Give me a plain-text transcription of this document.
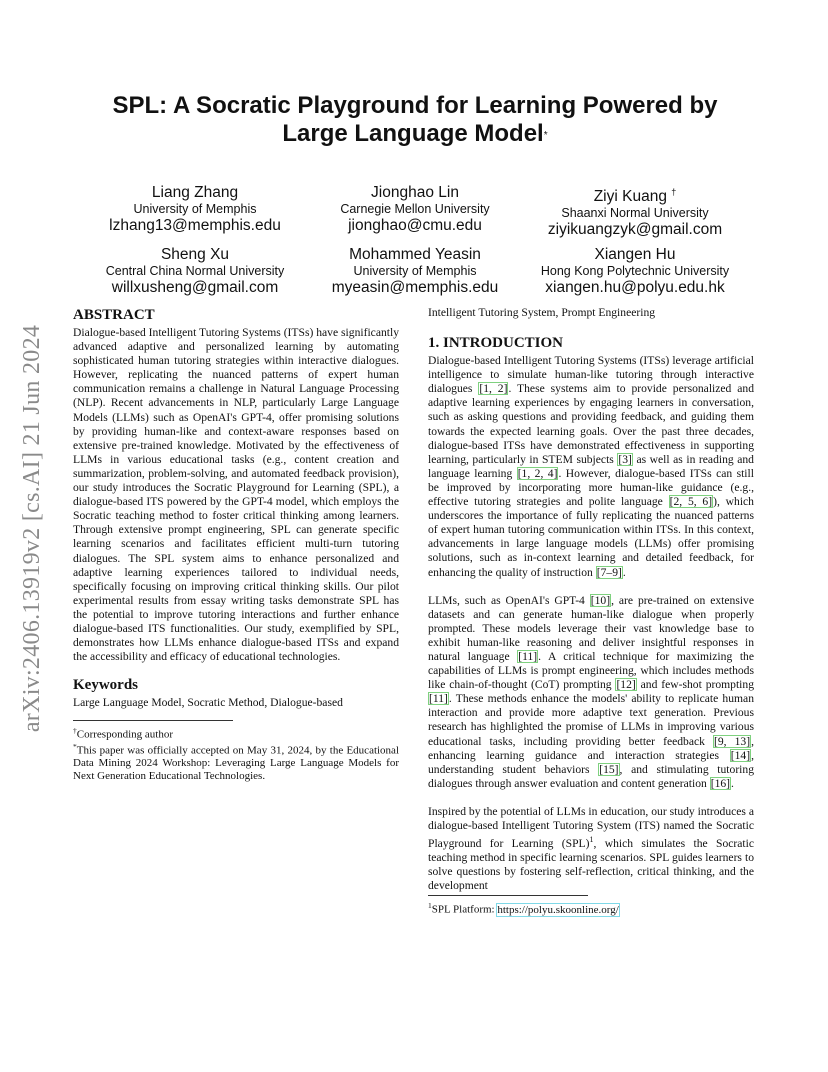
arXiv:2406.13919v2 [cs.AI] 21 Jun 2024
SPL: A Socratic Playground for Learning Powered by
Large Language Model*
Liang Zhang
University of Memphis
lzhang13@memphis.edu
Jionghao Lin
Carnegie Mellon University
jionghao@cmu.edu
Ziyi Kuang †
Shaanxi Normal University
ziyikuangzyk@gmail.com
Sheng Xu
Central China Normal University
willxusheng@gmail.com
Mohammed Yeasin
University of Memphis
myeasin@memphis.edu
Xiangen Hu
Hong Kong Polytechnic University
xiangen.hu@polyu.edu.hk
ABSTRACT

Dialogue-based Intelligent Tutoring Systems (ITSs) have significantly advanced adaptive and personalized learning by automating sophisticated human tutoring strategies within interactive dialogues. However, replicating the nuanced patterns of expert human communication remains a challenge in Natural Language Processing (NLP). Recent advancements in NLP, particularly Large Language Models (LLMs) such as OpenAI's GPT-4, offer promising solutions by providing human-like and context-aware responses based on extensive pre-trained knowledge. Motivated by the effectiveness of LLMs in various educational tasks (e.g., content creation and summarization, problem-solving, and automated feedback provision), our study introduces the Socratic Playground for Learning (SPL), a dialogue-based ITS powered by the GPT-4 model, which employs the Socratic teaching method to foster critical thinking among learners. Through extensive prompt engineering, SPL can generate specific learning scenarios and facilitates efficient multi-turn tutoring dialogues. The SPL system aims to enhance personalized and adaptive learning experiences tailored to individual needs, specifically focusing on improving critical thinking skills. Our pilot experimental results from essay writing tasks demonstrate SPL has the potential to improve tutoring interactions and further enhance dialogue-based ITS functionalities. Our study, exemplified by SPL, demonstrates how LLMs enhance dialogue-based ITSs and expand the accessibility and efficacy of educational technologies.

Keywords

Large Language Model, Socratic Method, Dialogue-based

†Corresponding author
*This paper was officially accepted on May 31, 2024, by the Educational Data Mining 2024 Workshop: Leveraging Large Language Models for Next Generation Educational Technologies.

Intelligent Tutoring System, Prompt Engineering

1. INTRODUCTION

Dialogue-based Intelligent Tutoring Systems (ITSs) leverage artificial intelligence to simulate human-like tutoring through interactive dialogues [1, 2]. These systems aim to provide personalized and adaptive learning experiences by engaging learners in conversation, such as asking questions and providing feedback, and guiding them towards the expected learning goals. Over the past three decades, dialogue-based ITSs have demonstrated effectiveness in supporting learning, particularly in STEM subjects [3] as well as in reading and language learning [1, 2, 4]. However, dialogue-based ITSs can still be improved by incorporating more human-like guidance (e.g., effective tutoring strategies and polite language [2, 5, 6]), which underscores the importance of fully replicating the nuanced patterns of expert human tutoring communication within ITSs. In this context, advancements in large language models (LLMs) offer promising solutions, such as in-context learning and detailed feedback, for enhancing the quality of instruction [7–9].

LLMs, such as OpenAI's GPT-4 [10], are pre-trained on extensive datasets and can generate human-like dialogue when properly prompted. These models leverage their vast knowledge base to exhibit human-like reasoning and deliver insightful responses in natural language [11]. A critical technique for maximizing the capabilities of LLMs is prompt engineering, which includes methods like chain-of-thought (CoT) prompting [12] and few-shot prompting [11]. These methods enhance the models' ability to replicate human interaction and provide more adaptive text generation. Previous research has highlighted the promise of LLMs in improving various educational tasks, including providing better feedback [9, 13], enhancing learning guidance and interaction strategies [14], understanding student behaviors [15], and stimulating tutoring dialogues through answer evaluation and content generation [16].

Inspired by the potential of LLMs in education, our study introduces a dialogue-based Intelligent Tutoring System (ITS) named the Socratic Playground for Learning (SPL)$^1$, which simulates the Socratic teaching method in specific learning scenarios. SPL guides learners to solve questions by fostering self-reflection, critical thinking, and the development

$^1$SPL Platform: https://polyu.skoonline.org/
